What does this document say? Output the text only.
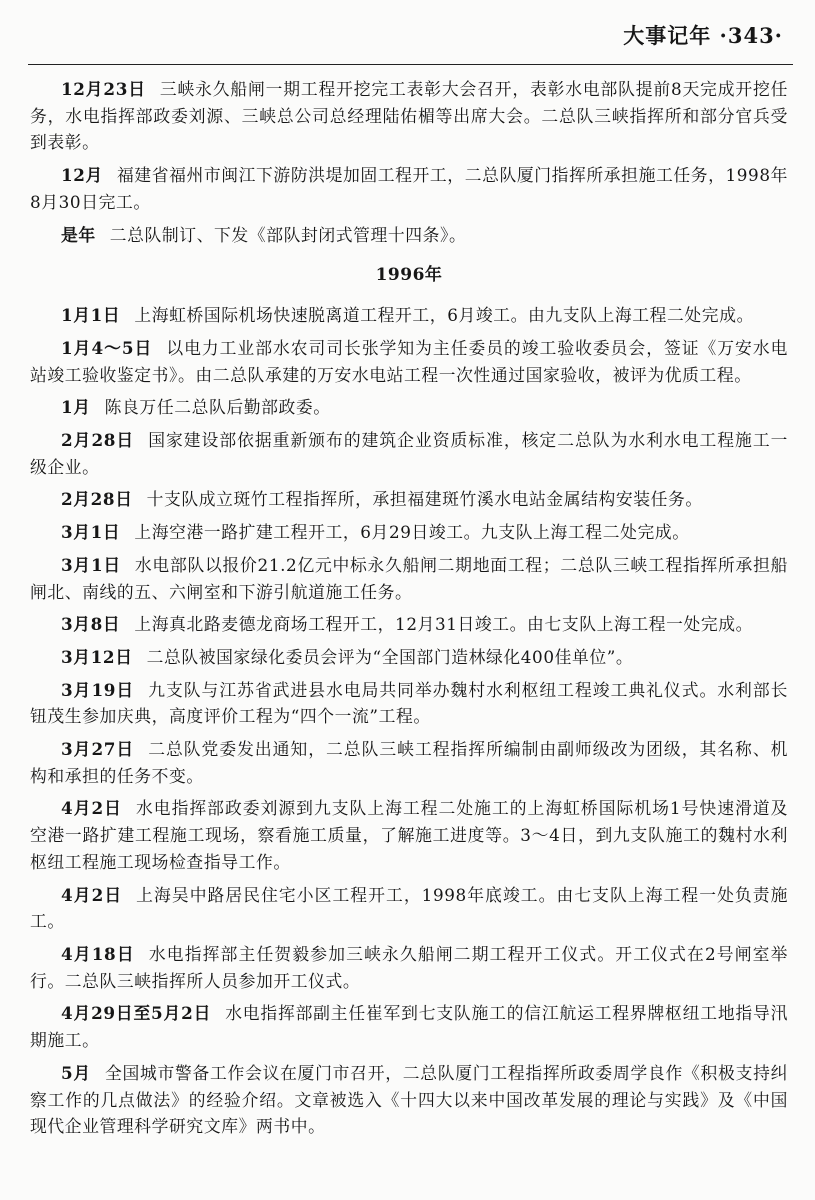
大事记年 ·343·

12月23日 三峡永久船闸一期工程开挖完工表彰大会召开，表彰水电部队提前8天完成开挖任务，水电指挥部政委刘源、三峡总公司总经理陆佑楣等出席大会。二总队三峡指挥所和部分官兵受到表彰。

12月 福建省福州市闽江下游防洪堤加固工程开工，二总队厦门指挥所承担施工任务，1998年8月30日完工。

是年 二总队制订、下发《部队封闭式管理十四条》。

1996年

1月1日 上海虹桥国际机场快速脱离道工程开工，6月竣工。由九支队上海工程二处完成。

1月4～5日 以电力工业部水农司司长张学知为主任委员的竣工验收委员会，签证《万安水电站竣工验收鉴定书》。由二总队承建的万安水电站工程一次性通过国家验收，被评为优质工程。

1月 陈良万任二总队后勤部政委。

2月28日 国家建设部依据重新颁布的建筑企业资质标准，核定二总队为水利水电工程施工一级企业。

2月28日 十支队成立斑竹工程指挥所，承担福建斑竹溪水电站金属结构安装任务。

3月1日 上海空港一路扩建工程开工，6月29日竣工。九支队上海工程二处完成。

3月1日 水电部队以报价21.2亿元中标永久船闸二期地面工程；二总队三峡工程指挥所承担船闸北、南线的五、六闸室和下游引航道施工任务。

3月8日 上海真北路麦德龙商场工程开工，12月31日竣工。由七支队上海工程一处完成。

3月12日 二总队被国家绿化委员会评为“全国部门造林绿化400佳单位”。

3月19日 九支队与江苏省武进县水电局共同举办魏村水利枢纽工程竣工典礼仪式。水利部长钮茂生参加庆典，高度评价工程为“四个一流”工程。

3月27日 二总队党委发出通知，二总队三峡工程指挥所编制由副师级改为团级，其名称、机构和承担的任务不变。

4月2日 水电指挥部政委刘源到九支队上海工程二处施工的上海虹桥国际机场1号快速滑道及空港一路扩建工程施工现场，察看施工质量，了解施工进度等。3～4日，到九支队施工的魏村水利枢纽工程施工现场检查指导工作。

4月2日 上海吴中路居民住宅小区工程开工，1998年底竣工。由七支队上海工程一处负责施工。

4月18日 水电指挥部主任贺毅参加三峡永久船闸二期工程开工仪式。开工仪式在2号闸室举行。二总队三峡指挥所人员参加开工仪式。

4月29日至5月2日 水电指挥部副主任崔军到七支队施工的信江航运工程界牌枢纽工地指导汛期施工。

5月 全国城市警备工作会议在厦门市召开，二总队厦门工程指挥所政委周学良作《积极支持纠察工作的几点做法》的经验介绍。文章被选入《十四大以来中国改革发展的理论与实践》及《中国现代企业管理科学研究文库》两书中。
